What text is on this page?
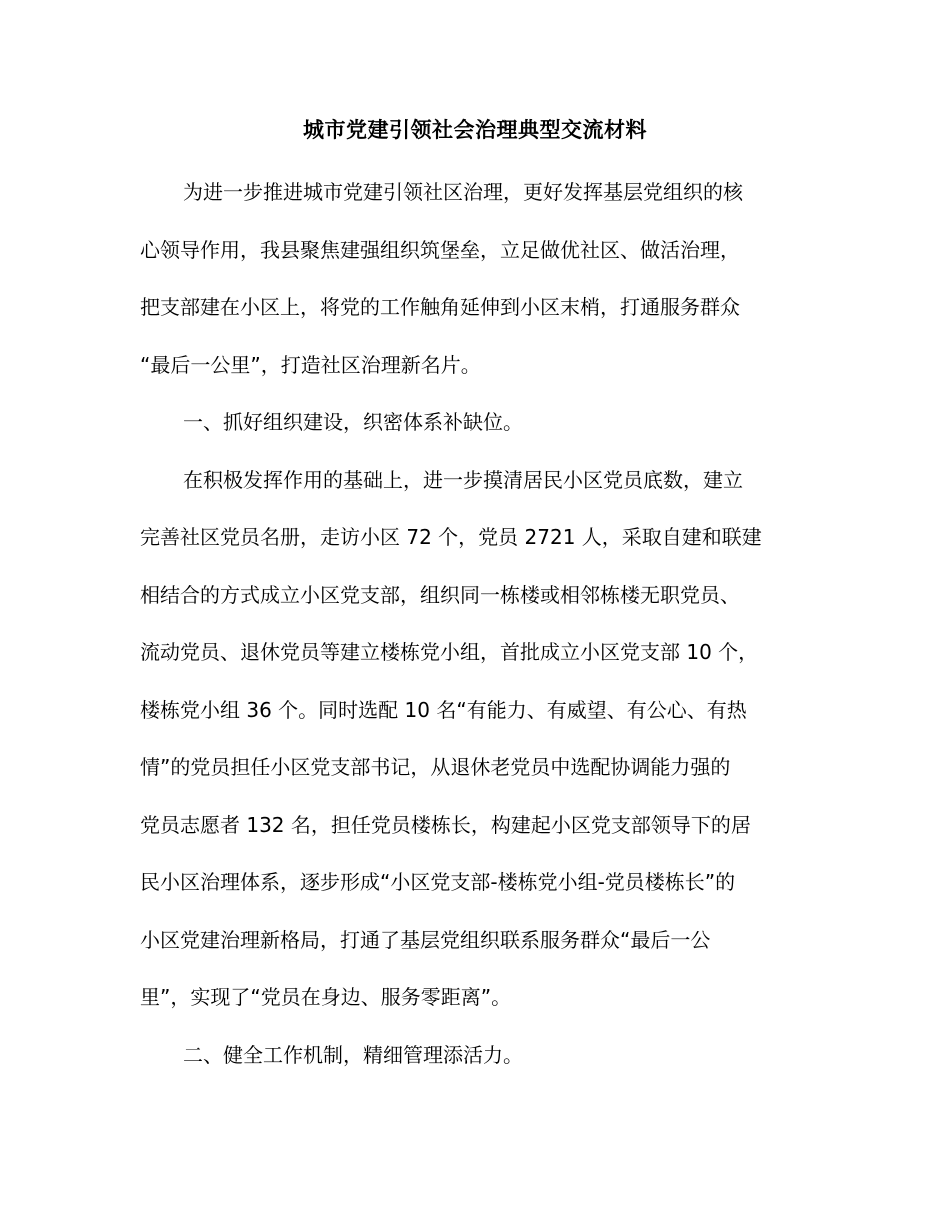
城市党建引领社会治理典型交流材料
为进一步推进城市党建引领社区治理，更好发挥基层党组织的核
心领导作用，我县聚焦建强组织筑堡垒，立足做优社区、做活治理，
把支部建在小区上，将党的工作触角延伸到小区末梢，打通服务群众
“最后一公里”，打造社区治理新名片。
一、抓好组织建设，织密体系补缺位。
在积极发挥作用的基础上，进一步摸清居民小区党员底数，建立
完善社区党员名册，走访小区 72 个，党员 2721 人，采取自建和联建
相结合的方式成立小区党支部，组织同一栋楼或相邻栋楼无职党员、
流动党员、退休党员等建立楼栋党小组，首批成立小区党支部 10 个，
楼栋党小组 36 个。同时选配 10 名“有能力、有威望、有公心、有热
情”的党员担任小区党支部书记，从退休老党员中选配协调能力强的
党员志愿者 132 名，担任党员楼栋长，构建起小区党支部领导下的居
民小区治理体系，逐步形成“小区党支部-楼栋党小组-党员楼栋长”的
小区党建治理新格局，打通了基层党组织联系服务群众“最后一公
里”，实现了“党员在身边、服务零距离”。
二、健全工作机制，精细管理添活力。
